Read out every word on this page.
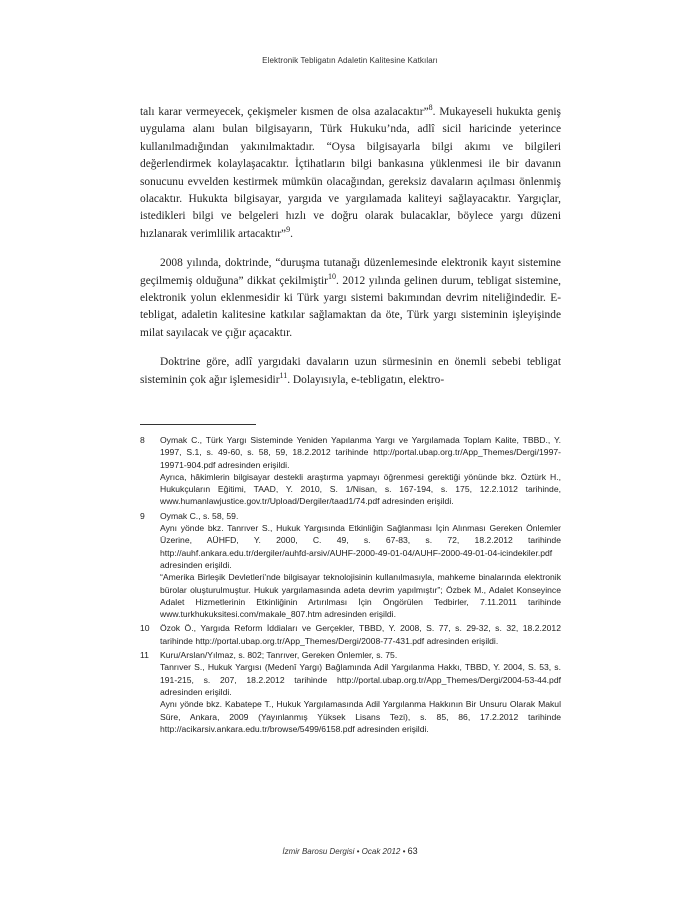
Elektronik Tebligatın Adaletin Kalitesine Katkıları

talı karar vermeyecek, çekişmeler kısmen de olsa azalacaktır”$^8$. Mukayeseli hukukta geniş uygulama alanı bulan bilgisayarın, Türk Hukuku’nda, adlî sicil haricinde yeterince kullanılmadığından yakınılmaktadır. “Oysa bilgisayarla bilgi akımı ve bilgileri değerlendirmek kolaylaşacaktır. İçtihatların bilgi bankasına yüklenmesi ile bir davanın sonucunu evvelden kestirmek mümkün olacağından, gereksiz davaların açılması önlenmiş olacaktır. Hukukta bilgisayar, yargıda ve yargılamada kaliteyi sağlayacaktır. Yargıçlar, istedikleri bilgi ve belgeleri hızlı ve doğru olarak bulacaklar, böylece yargı düzeni hızlanarak verimlilik artacaktır”$^9$.

2008 yılında, doktrinde, “duruşma tutanağı düzenlemesinde elektronik kayıt sistemine geçilmemiş olduğuna” dikkat çekilmiştir$^{10}$. 2012 yılında gelinen durum, tebligat sistemine, elektronik yolun eklenmesidir ki Türk yargı sistemi bakımından devrim niteliğindedir. E-tebligat, adaletin kalitesine katkılar sağlamaktan da öte, Türk yargı sisteminin işleyişinde milat sayılacak ve çığır açacaktır.

Doktrine göre, adlî yargıdaki davaların uzun sürmesinin en önemli sebebi tebligat sisteminin çok ağır işlemesidir$^{11}$. Dolayısıyla, e-tebligatın, elektro-

8	Oymak C., Türk Yargı Sisteminde Yeniden Yapılanma Yargı ve Yargılamada Toplam Kalite, TBBD., Y. 1997, S.1, s. 49-60, s. 58, 59, 18.2.2012 tarihinde http://portal.ubap.org.tr/App_Themes/Dergi/1997-19971-904.pdf adresinden erişildi.
Ayrıca, hâkimlerin bilgisayar destekli araştırma yapmayı öğrenmesi gerektiği yönünde bkz. Öztürk H., Hukukçuların Eğitimi, TAAD, Y. 2010, S. 1/Nisan, s. 167-194, s. 175, 12.2.1012 tarihinde, www.humanlawjustice.gov.tr/Upload/Dergiler/taad1/74.pdf adresinden erişildi.
9	Oymak C., s. 58, 59.
Aynı yönde bkz. Tanrıver S., Hukuk Yargısında Etkinliğin Sağlanması İçin Alınması Gereken Önlemler Üzerine, AÜHFD, Y. 2000, C. 49, s. 67-83, s. 72, 18.2.2012 tarihinde http://auhf.ankara.edu.tr/dergiler/auhfd-arsiv/AUHF-2000-49-01-04/AUHF-2000-49-01-04-icindekiler.pdf adresinden erişildi.
“Amerika Birleşik Devletleri’nde bilgisayar teknolojisinin kullanılmasıyla, mahkeme binalarında elektronik bürolar oluşturulmuştur. Hukuk yargılamasında adeta devrim yapılmıştır”; Özbek M., Adalet Konseyince Adalet Hizmetlerinin Etkinliğinin Artırılması İçin Öngörülen Tedbirler, 7.11.2011 tarihinde www.turkhukuksitesi.com/makale_807.htm adresinden erişildi.
10	Özok Ö., Yargıda Reform İddiaları ve Gerçekler, TBBD, Y. 2008, S. 77, s. 29-32, s. 32, 18.2.2012 tarihinde http://portal.ubap.org.tr/App_Themes/Dergi/2008-77-431.pdf adresinden erişildi.
11	Kuru/Arslan/Yılmaz, s. 802; Tanrıver, Gereken Önlemler, s. 75.
Tanrıver S., Hukuk Yargısı (Medenî Yargı) Bağlamında Adil Yargılanma Hakkı, TBBD, Y. 2004, S. 53, s. 191-215, s. 207, 18.2.2012 tarihinde http://portal.ubap.org.tr/App_Themes/Dergi/2004-53-44.pdf adresinden erişildi.
Aynı yönde bkz. Kabatepe T., Hukuk Yargılamasında Adil Yargılanma Hakkının Bir Unsuru Olarak Makul Süre, Ankara, 2009 (Yayınlanmış Yüksek Lisans Tezi), s. 85, 86, 17.2.2012 tarihinde http://acikarsiv.ankara.edu.tr/browse/5499/6158.pdf adresinden erişildi.
İzmir Barosu Dergisi • Ocak 2012 • 63
